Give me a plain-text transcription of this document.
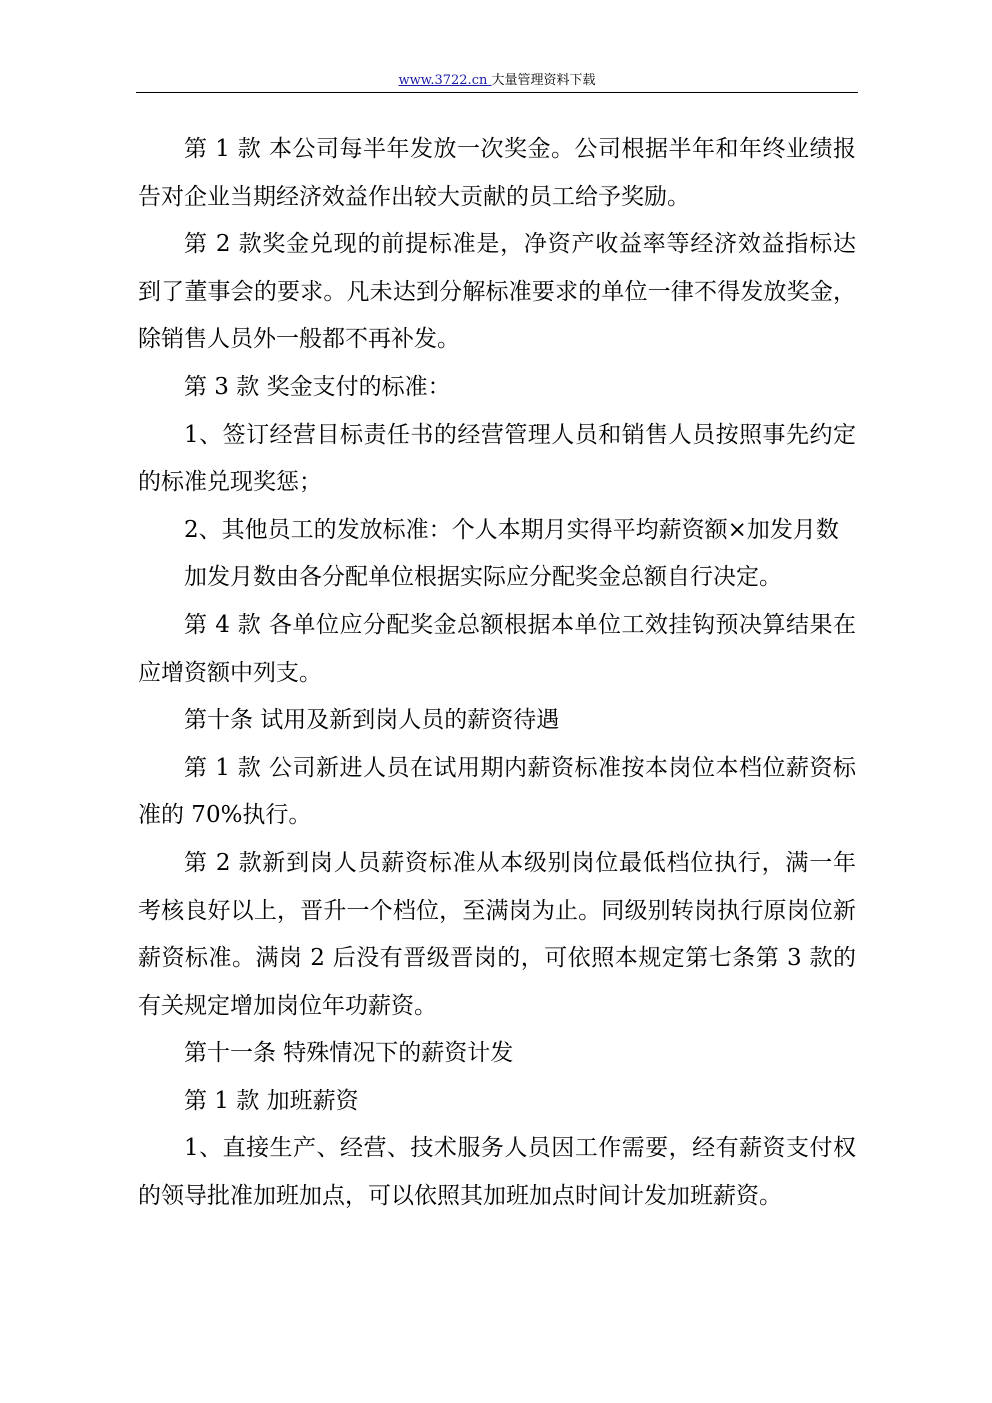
www.3722.cn 大量管理资料下载

第 1 款 本公司每半年发放一次奖金。公司根据半年和年终业绩报告对企业当期经济效益作出较大贡献的员工给予奖励。

第 2 款奖金兑现的前提标准是，净资产收益率等经济效益指标达到了董事会的要求。凡未达到分解标准要求的单位一律不得发放奖金，除销售人员外一般都不再补发。

第 3 款 奖金支付的标准：

1、签订经营目标责任书的经营管理人员和销售人员按照事先约定的标准兑现奖惩；

2、其他员工的发放标准：个人本期月实得平均薪资额×加发月数

加发月数由各分配单位根据实际应分配奖金总额自行决定。

第 4 款 各单位应分配奖金总额根据本单位工效挂钩预决算结果在应增资额中列支。

第十条 试用及新到岗人员的薪资待遇

第 1 款 公司新进人员在试用期内薪资标准按本岗位本档位薪资标准的 70%执行。

第 2 款新到岗人员薪资标准从本级别岗位最低档位执行，满一年考核良好以上，晋升一个档位，至满岗为止。同级别转岗执行原岗位新薪资标准。满岗 2 后没有晋级晋岗的，可依照本规定第七条第 3 款的有关规定增加岗位年功薪资。

第十一条 特殊情况下的薪资计发

第 1 款 加班薪资

1、直接生产、经营、技术服务人员因工作需要，经有薪资支付权的领导批准加班加点，可以依照其加班加点时间计发加班薪资。
